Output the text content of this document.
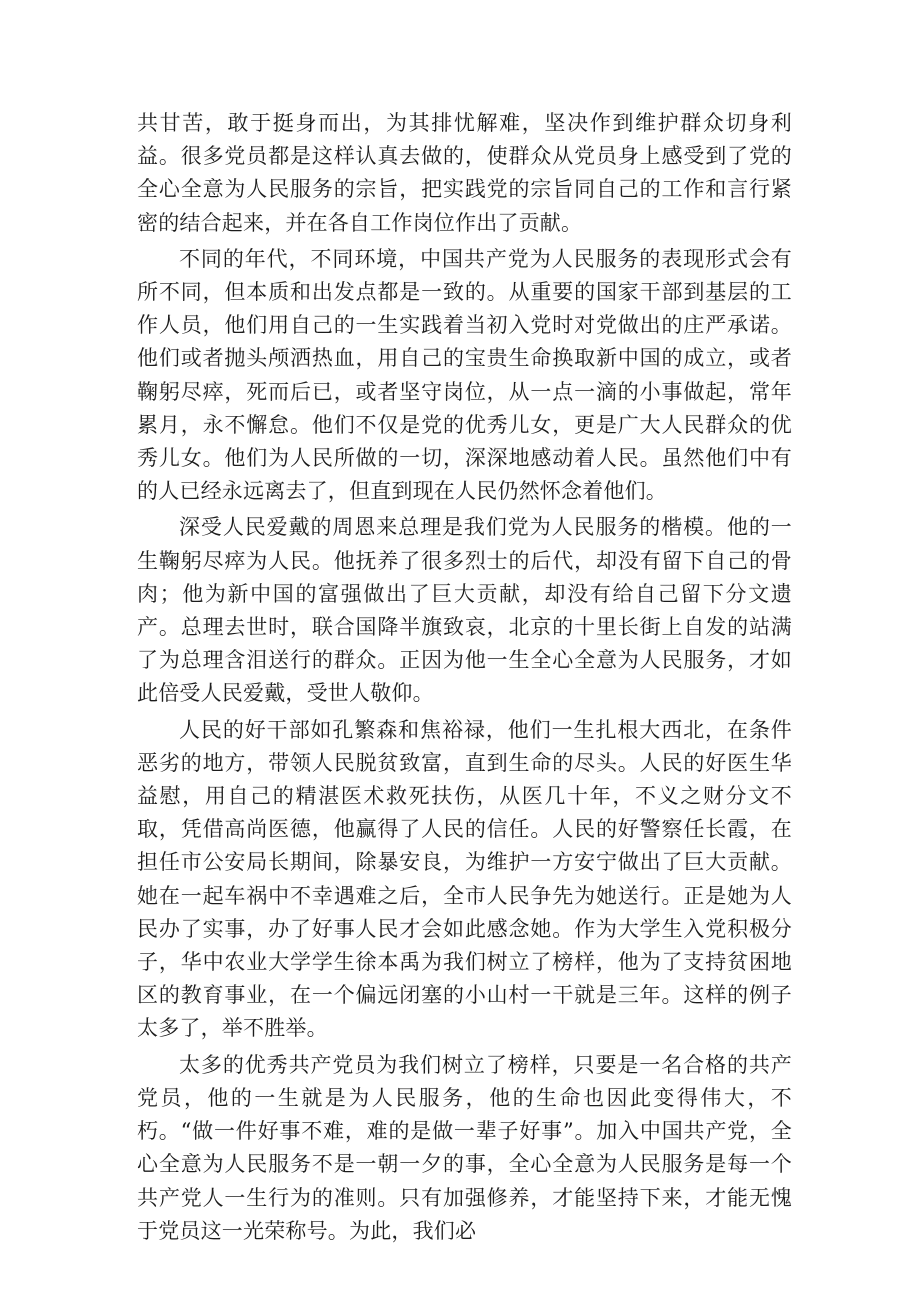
共甘苦，敢于挺身而出，为其排忧解难，坚决作到维护群众切身利益。很多党员都是这样认真去做的，使群众从党员身上感受到了党的全心全意为人民服务的宗旨，把实践党的宗旨同自己的工作和言行紧密的结合起来，并在各自工作岗位作出了贡献。

不同的年代，不同环境，中国共产党为人民服务的表现形式会有所不同，但本质和出发点都是一致的。从重要的国家干部到基层的工作人员，他们用自己的一生实践着当初入党时对党做出的庄严承诺。他们或者抛头颅洒热血，用自己的宝贵生命换取新中国的成立，或者鞠躬尽瘁，死而后已，或者坚守岗位，从一点一滴的小事做起，常年累月，永不懈怠。他们不仅是党的优秀儿女，更是广大人民群众的优秀儿女。他们为人民所做的一切，深深地感动着人民。虽然他们中有的人已经永远离去了，但直到现在人民仍然怀念着他们。

深受人民爱戴的周恩来总理是我们党为人民服务的楷模。他的一生鞠躬尽瘁为人民。他抚养了很多烈士的后代，却没有留下自己的骨肉；他为新中国的富强做出了巨大贡献，却没有给自己留下分文遗产。总理去世时，联合国降半旗致哀，北京的十里长街上自发的站满了为总理含泪送行的群众。正因为他一生全心全意为人民服务，才如此倍受人民爱戴，受世人敬仰。

人民的好干部如孔繁森和焦裕禄，他们一生扎根大西北，在条件恶劣的地方，带领人民脱贫致富，直到生命的尽头。人民的好医生华益慰，用自己的精湛医术救死扶伤，从医几十年，不义之财分文不取，凭借高尚医德，他赢得了人民的信任。人民的好警察任长霞，在担任市公安局长期间，除暴安良，为维护一方安宁做出了巨大贡献。她在一起车祸中不幸遇难之后，全市人民争先为她送行。正是她为人民办了实事，办了好事人民才会如此感念她。作为大学生入党积极分子，华中农业大学学生徐本禹为我们树立了榜样，他为了支持贫困地区的教育事业，在一个偏远闭塞的小山村一干就是三年。这样的例子太多了，举不胜举。

太多的优秀共产党员为我们树立了榜样，只要是一名合格的共产党员，他的一生就是为人民服务，他的生命也因此变得伟大，不朽。“做一件好事不难，难的是做一辈子好事”。加入中国共产党，全心全意为人民服务不是一朝一夕的事，全心全意为人民服务是每一个共产党人一生行为的准则。只有加强修养，才能坚持下来，才能无愧于党员这一光荣称号。为此，我们必
